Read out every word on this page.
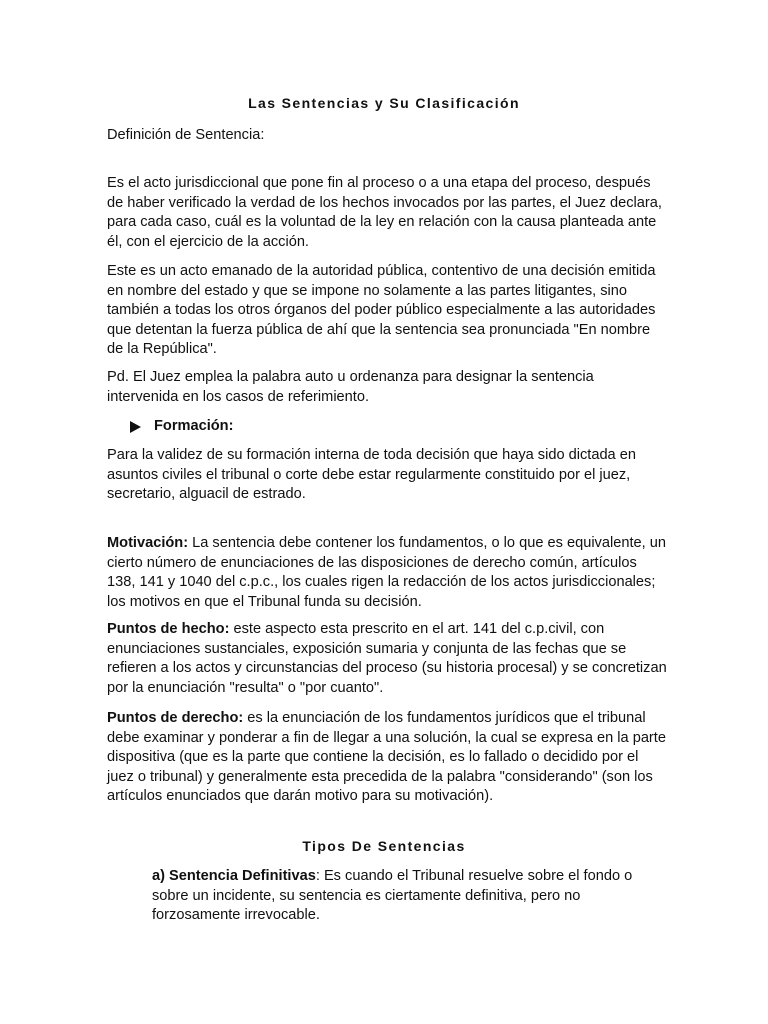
Las Sentencias y Su Clasificación

Definición de Sentencia:

Es el acto jurisdiccional que pone fin al proceso o a una etapa del proceso, después de haber verificado la verdad de los hechos invocados por las partes, el Juez declara, para cada caso, cuál es la voluntad de la ley en relación con la causa planteada ante él, con el ejercicio de la acción.

Este es un acto emanado de la autoridad pública, contentivo de una decisión emitida en nombre del estado y que se impone no solamente a las partes litigantes, sino también a todas los otros órganos del poder público especialmente a las autoridades que detentan la fuerza pública de ahí que la sentencia sea pronunciada "En nombre de la República".

Pd. El Juez emplea la palabra auto u ordenanza para designar la sentencia intervenida en los casos de referimiento.

Formación:

Para la validez de su formación interna de toda decisión que haya sido dictada en asuntos civiles el tribunal o corte debe estar regularmente constituido por el juez, secretario, alguacil de estrado.

Motivación: La sentencia debe contener los fundamentos, o lo que es equivalente, un cierto número de enunciaciones de las disposiciones de derecho común, artículos 138, 141 y 1040 del c.p.c., los cuales rigen la redacción de los actos jurisdiccionales; los motivos en que el Tribunal funda su decisión.

Puntos de hecho: este aspecto esta prescrito en el art. 141 del c.p.civil, con enunciaciones sustanciales, exposición sumaria y conjunta de las fechas que se refieren a los actos y circunstancias del proceso (su historia procesal) y se concretizan por la enunciación "resulta" o "por cuanto".

Puntos de derecho: es la enunciación de los fundamentos jurídicos que el tribunal debe examinar y ponderar a fin de llegar a una solución, la cual se expresa en la parte dispositiva (que es la parte que contiene la decisión, es lo fallado o decidido por el juez o tribunal) y generalmente esta precedida de la palabra "considerando" (son los artículos enunciados que darán motivo para su motivación).

Tipos De Sentencias

a) Sentencia Definitivas: Es cuando el Tribunal resuelve sobre el fondo o sobre un incidente, su sentencia es ciertamente definitiva, pero no forzosamente irrevocable.
